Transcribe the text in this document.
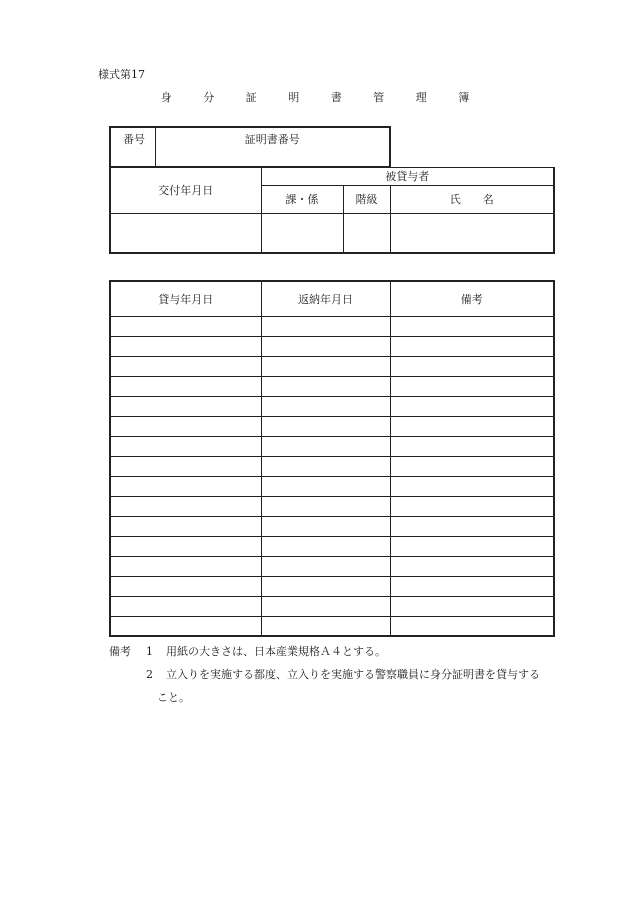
様式第17
身 分 証 明 書 管 理 簿
番号	証明書番号			
交付年月日		被貸与者		
		課・係	階級	氏　　名

貸与年月日	返納年月日	備考

備考 1 用紙の大きさは、日本産業規格Ａ４とする。
2 立入りを実施する都度、立入りを実施する警察職員に身分証明書を貸与する
こと。
